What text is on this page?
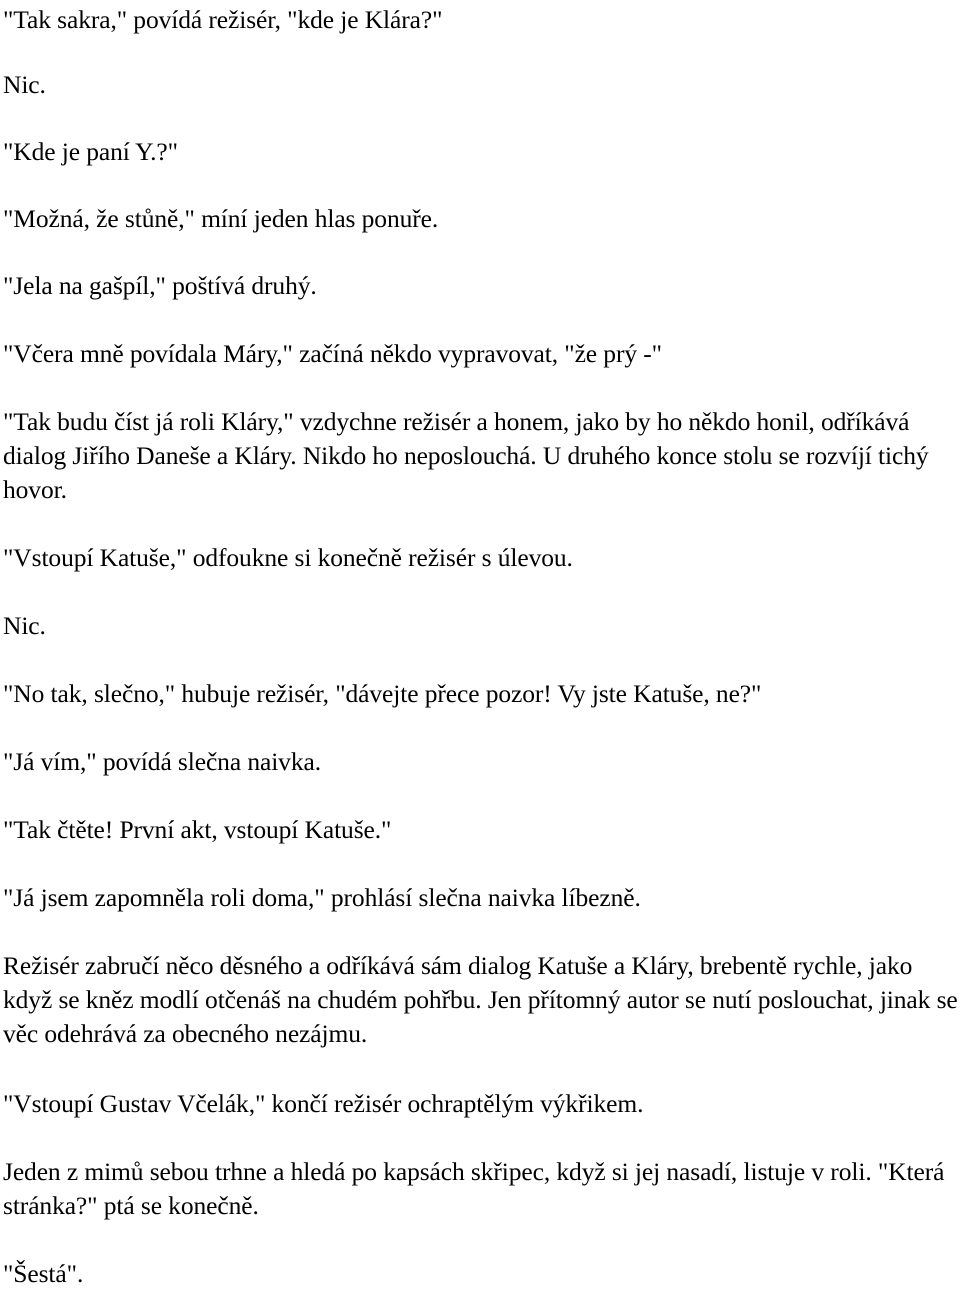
"Tak sakra," povídá režisér, "kde je Klára?"

Nic.

"Kde je paní Y.?"

"Možná, že stůně," míní jeden hlas ponuře.

"Jela na gašpíl," poštívá druhý.

"Včera mně povídala Máry," začíná někdo vypravovat, "že prý -"

"Tak budu číst já roli Kláry," vzdychne režisér a honem, jako by ho někdo honil, odříkává dialog Jiřího Daneše a Kláry. Nikdo ho neposlouchá. U druhého konce stolu se rozvíjí tichý hovor.

"Vstoupí Katuše," odfoukne si konečně režisér s úlevou.

Nic.

"No tak, slečno," hubuje režisér, "dávejte přece pozor! Vy jste Katuše, ne?"

"Já vím," povídá slečna naivka.

"Tak čtěte! První akt, vstoupí Katuše."

"Já jsem zapomněla roli doma," prohlásí slečna naivka líbezně.

Režisér zabručí něco děsného a odříkává sám dialog Katuše a Kláry, brebentě rychle, jako když se kněz modlí otčenáš na chudém pohřbu. Jen přítomný autor se nutí poslouchat, jinak se věc odehrává za obecného nezájmu.

"Vstoupí Gustav Včelák," končí režisér ochraptělým výkřikem.

Jeden z mimů sebou trhne a hledá po kapsách skřipec, když si jej nasadí, listuje v roli. "Která stránka?" ptá se konečně.

"Šestá".
